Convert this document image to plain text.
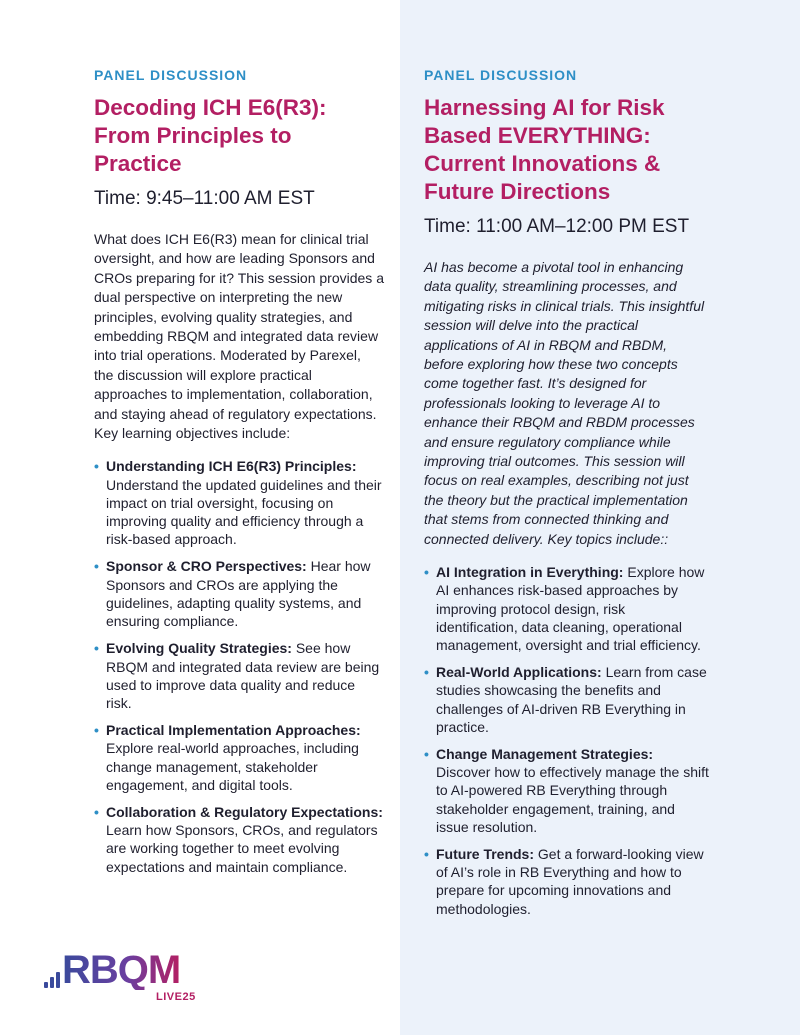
PANEL DISCUSSION
Decoding ICH E6(R3): From Principles to Practice
Time: 9:45–11:00 AM EST

What does ICH E6(R3) mean for clinical trial oversight, and how are leading Sponsors and CROs preparing for it? This session provides a dual perspective on interpreting the new principles, evolving quality strategies, and embedding RBQM and integrated data review into trial operations. Moderated by Parexel, the discussion will explore practical approaches to implementation, collaboration, and staying ahead of regulatory expectations. Key learning objectives include:

• Understanding ICH E6(R3) Principles: Understand the updated guidelines and their impact on trial oversight, focusing on improving quality and efficiency through a risk-based approach.
• Sponsor & CRO Perspectives: Hear how Sponsors and CROs are applying the guidelines, adapting quality systems, and ensuring compliance.
• Evolving Quality Strategies: See how RBQM and integrated data review are being used to improve data quality and reduce risk.
• Practical Implementation Approaches: Explore real-world approaches, including change management, stakeholder engagement, and digital tools.
• Collaboration & Regulatory Expectations: Learn how Sponsors, CROs, and regulators are working together to meet evolving expectations and maintain compliance.
PANEL DISCUSSION
Harnessing AI for Risk Based EVERYTHING: Current Innovations & Future Directions
Time: 11:00 AM–12:00 PM EST

AI has become a pivotal tool in enhancing data quality, streamlining processes, and mitigating risks in clinical trials. This insightful session will delve into the practical applications of AI in RBQM and RBDM, before exploring how these two concepts come together fast. It’s designed for professionals looking to leverage AI to enhance their RBQM and RBDM processes and ensure regulatory compliance while improving trial outcomes. This session will focus on real examples, describing not just the theory but the practical implementation that stems from connected thinking and connected delivery. Key topics include::

• AI Integration in Everything: Explore how AI enhances risk-based approaches by improving protocol design, risk identification, data cleaning, operational management, oversight and trial efficiency.
• Real-World Applications: Learn from case studies showcasing the benefits and challenges of AI-driven RB Everything in practice.
• Change Management Strategies: Discover how to effectively manage the shift to AI-powered RB Everything through stakeholder engagement, training, and issue resolution.
• Future Trends: Get a forward-looking view of AI’s role in RB Everything and how to prepare for upcoming innovations and methodologies.
RBQM
LIVE25
